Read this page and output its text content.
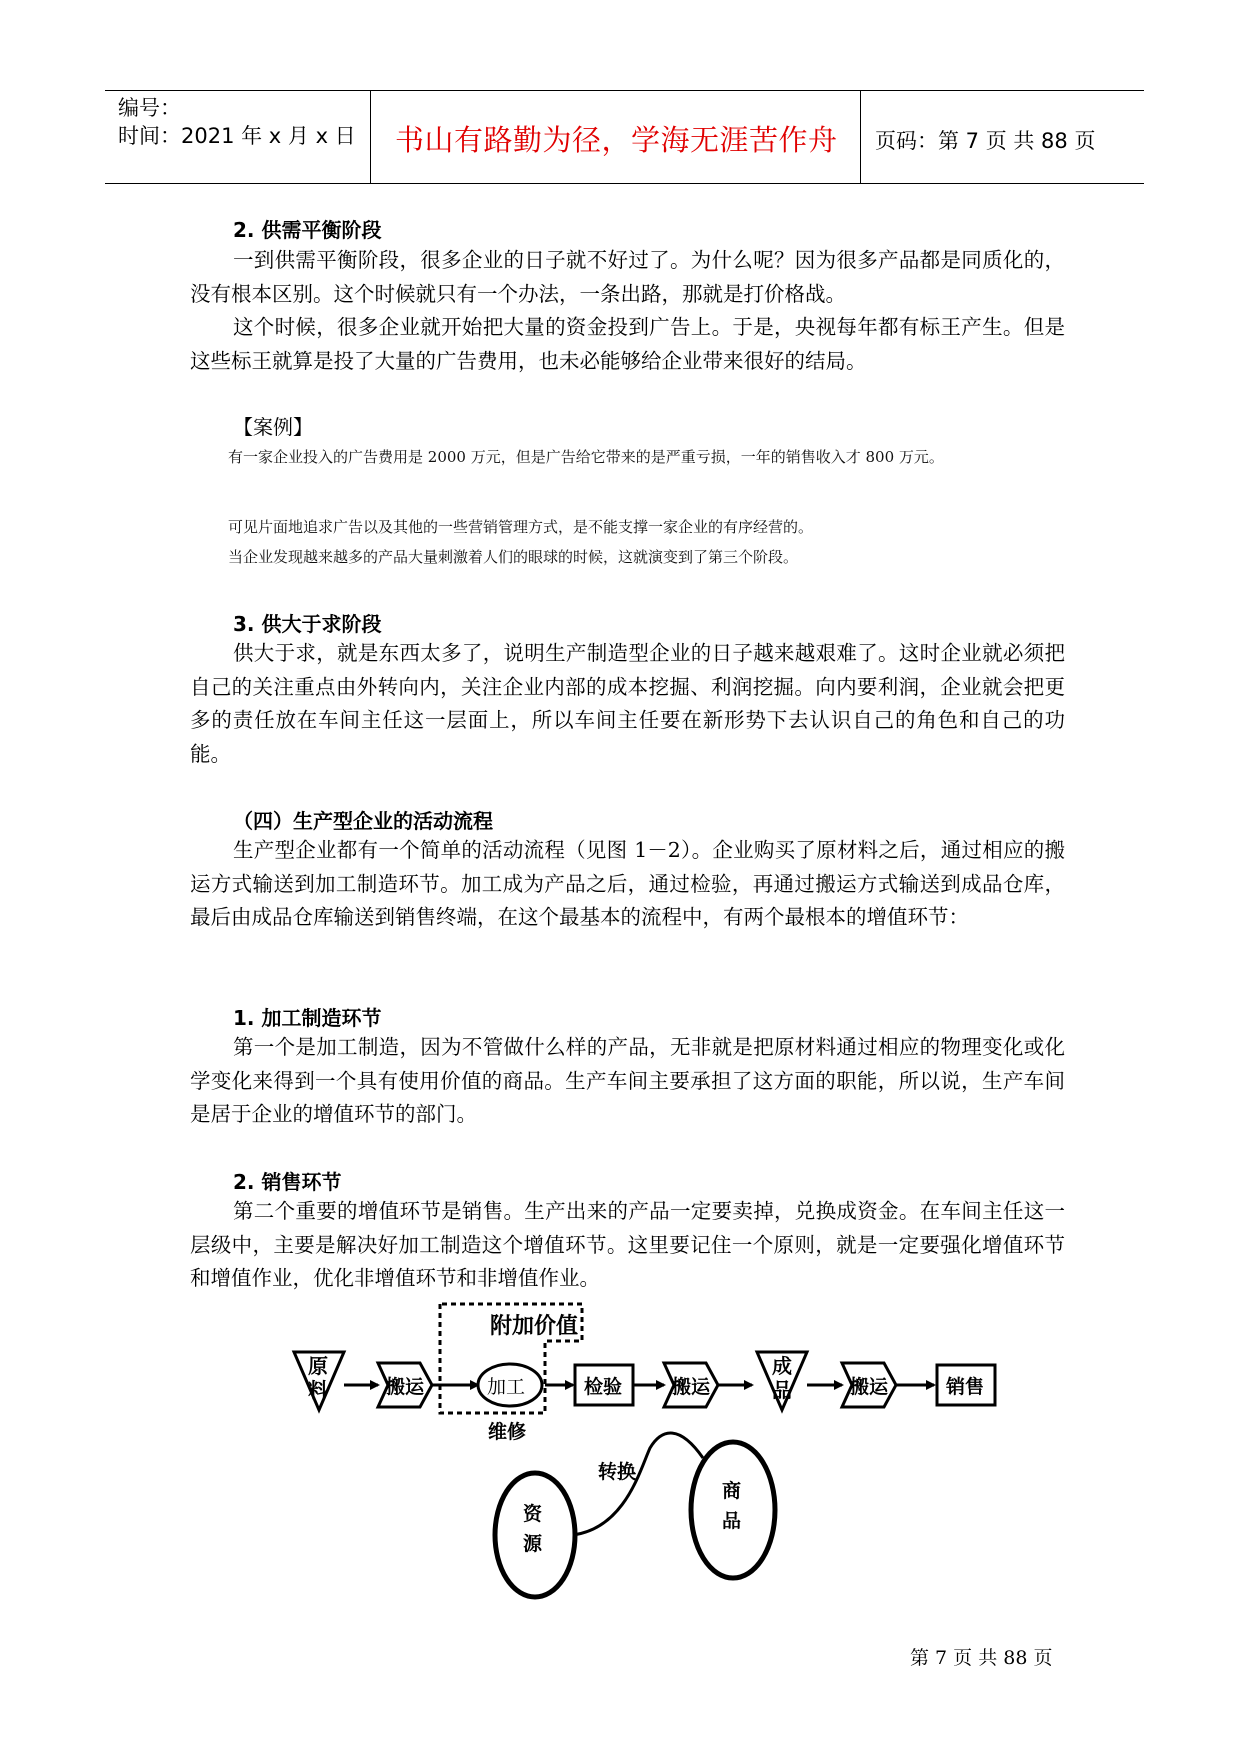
编号：
时间：2021 年 x 月 x 日 书山有路勤为径，学海无涯苦作舟 页码：第 7 页 共 88 页
2. 供需平衡阶段
一到供需平衡阶段，很多企业的日子就不好过了。为什么呢？因为很多产品都是同质化的，没有根本区别。这个时候就只有一个办法，一条出路，那就是打价格战。
这个时候，很多企业就开始把大量的资金投到广告上。于是，央视每年都有标王产生。但是这些标王就算是投了大量的广告费用，也未必能够给企业带来很好的结局。
【案例】
有一家企业投入的广告费用是 2000 万元，但是广告给它带来的是严重亏损，一年的销售收入才 800 万元。
可见片面地追求广告以及其他的一些营销管理方式，是不能支撑一家企业的有序经营的。
当企业发现越来越多的产品大量刺激着人们的眼球的时候，这就演变到了第三个阶段。
3. 供大于求阶段
供大于求，就是东西太多了，说明生产制造型企业的日子越来越艰难了。这时企业就必须把自己的关注重点由外转向内，关注企业内部的成本挖掘、利润挖掘。向内要利润，企业就会把更多的责任放在车间主任这一层面上，所以车间主任要在新形势下去认识自己的角色和自己的功能。
（四）生产型企业的活动流程
生产型企业都有一个简单的活动流程（见图 1－2）。企业购买了原材料之后，通过相应的搬运方式输送到加工制造环节。加工成为产品之后，通过检验，再通过搬运方式输送到成品仓库，最后由成品仓库输送到销售终端，在这个最基本的流程中，有两个最根本的增值环节：
1. 加工制造环节
第一个是加工制造，因为不管做什么样的产品，无非就是把原材料通过相应的物理变化或化学变化来得到一个具有使用价值的商品。生产车间主要承担了这方面的职能，所以说，生产车间是居于企业的增值环节的部门。
2. 销售环节
第二个重要的增值环节是销售。生产出来的产品一定要卖掉，兑换成资金。在车间主任这一层级中，主要是解决好加工制造这个增值环节。这里要记住一个原则，就是一定要强化增值环节和增值作业，优化非增值环节和非增值作业。
附加价值
原
料	搬运	加工	检验	搬运
成
品	搬运	销售
维修
资
源
商
品
转换
第 7 页 共 88 页
